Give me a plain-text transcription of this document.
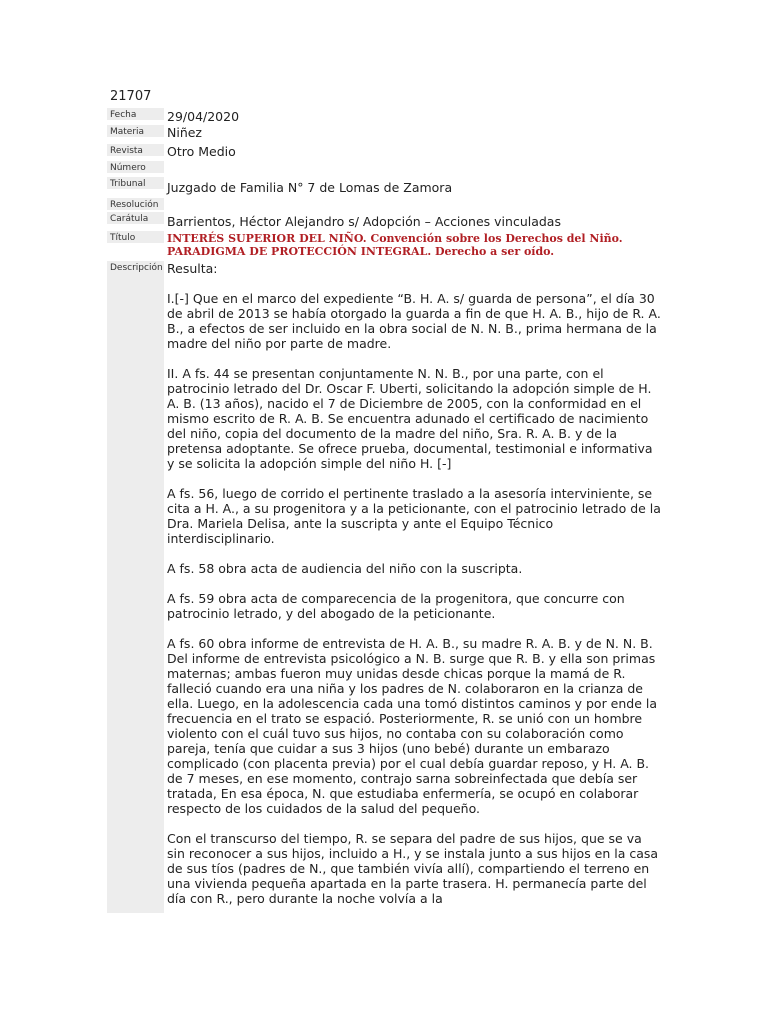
21707
Fecha	29/04/2020
Materia	Niñez
Revista	Otro Medio
Número
Tribunal	Juzgado de Familia N° 7 de Lomas de Zamora
Resolución
Carátula	Barrientos, Héctor Alejandro s/ Adopción – Acciones vinculadas
Título	INTERÉS SUPERIOR DEL NIÑO. Convención sobre los Derechos del Niño. PARADIGMA DE PROTECCIÓN INTEGRAL. Derecho a ser oído.
Descripción Resulta:

I.[-] Que en el marco del expediente “B. H. A. s/ guarda de persona”, el día 30 de abril de 2013 se había otorgado la guarda a fin de que H. A. B., hijo de R. A. B., a efectos de ser incluido en la obra social de N. N. B., prima hermana de la madre del niño por parte de madre.

II. A fs. 44 se presentan conjuntamente N. N. B., por una parte, con el patrocinio letrado del Dr. Oscar F. Uberti, solicitando la adopción simple de H. A. B. (13 años), nacido el 7 de Diciembre de 2005, con la conformidad en el mismo escrito de R. A. B. Se encuentra adunado el certificado de nacimiento del niño, copia del documento de la madre del niño, Sra. R. A. B. y de la pretensa adoptante. Se ofrece prueba, documental, testimonial e informativa y se solicita la adopción simple del niño H. [-]

A fs. 56, luego de corrido el pertinente traslado a la asesoría interviniente, se cita a H. A., a su progenitora y a la peticionante, con el patrocinio letrado de la Dra. Mariela Delisa, ante la suscripta y ante el Equipo Técnico interdisciplinario.

A fs. 58 obra acta de audiencia del niño con la suscripta.

A fs. 59 obra acta de comparecencia de la progenitora, que concurre con patrocinio letrado, y del abogado de la peticionante.

A fs. 60 obra informe de entrevista de H. A. B., su madre R. A. B. y de N. N. B. Del informe de entrevista psicológico a N. B. surge que R. B. y ella son primas maternas; ambas fueron muy unidas desde chicas porque la mamá de R. falleció cuando era una niña y los padres de N. colaboraron en la crianza de ella. Luego, en la adolescencia cada una tomó distintos caminos y por ende la frecuencia en el trato se espació. Posteriormente, R. se unió con un hombre violento con el cuál tuvo sus hijos, no contaba con su colaboración como pareja, tenía que cuidar a sus 3 hijos (uno bebé) durante un embarazo complicado (con placenta previa) por el cual debía guardar reposo, y H. A. B. de 7 meses, en ese momento, contrajo sarna sobreinfectada que debía ser tratada, En esa época, N. que estudiaba enfermería, se ocupó en colaborar respecto de los cuidados de la salud del pequeño.

Con el transcurso del tiempo, R. se separa del padre de sus hijos, que se va sin reconocer a sus hijos, incluido a H., y se instala junto a sus hijos en la casa de sus tíos (padres de N., que también vivía allí), compartiendo el terreno en una vivienda pequeña apartada en la parte trasera. H. permanecía parte del día con R., pero durante la noche volvía a la
